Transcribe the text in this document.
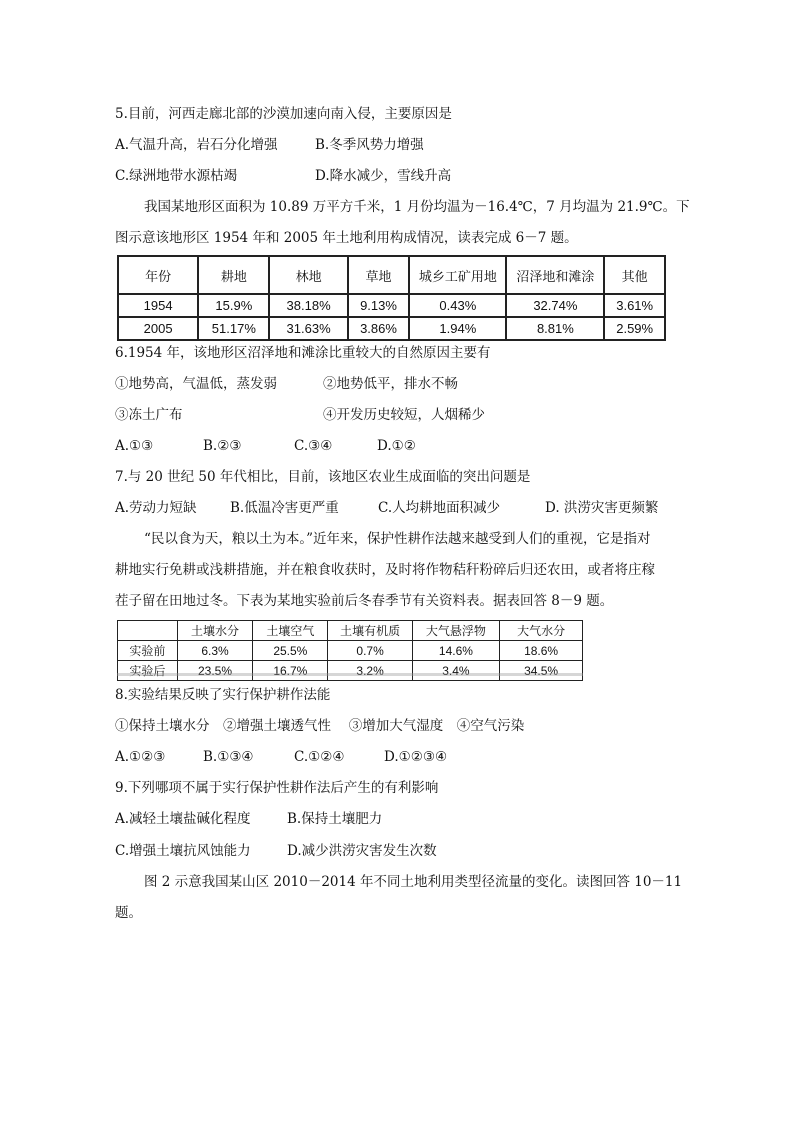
5.目前，河西走廊北部的沙漠加速向南入侵，主要原因是
A.气温升高，岩石分化增强	B.冬季风势力增强
C.绿洲地带水源枯竭	D.降水减少，雪线升高
我国某地形区面积为 10.89 万平方千米，1 月份均温为－16.4℃，7 月均温为 21.9℃。下
图示意该地形区 1954 年和 2005 年土地利用构成情况，读表完成 6－7 题。
年份	耕地	林地	草地	城乡工矿用地	沼泽地和滩涂	其他
1954	15.9%	38.18%	9.13%	0.43%	32.74%	3.61%
2005	51.17%	31.63%	3.86%	1.94%	8.81%	2.59%
6.1954 年，该地形区沼泽地和滩涂比重较大的自然原因主要有
①地势高，气温低，蒸发弱	②地势低平，排水不畅
③冻土广布	④开发历史较短，人烟稀少
A.①③	B.②③	C.③④	D.①②
7.与 20 世纪 50 年代相比，目前，该地区农业生成面临的突出问题是
A.劳动力短缺 B.低温冷害更严重	C.人均耕地面积减少	D. 洪涝灾害更频繁
“民以食为天，粮以土为本。”近年来，保护性耕作法越来越受到人们的重视，它是指对
耕地实行免耕或浅耕措施，并在粮食收获时，及时将作物秸秆粉碎后归还农田，或者将庄稼
茬子留在田地过冬。下表为某地实验前后冬春季节有关资料表。据表回答 8－9 题。
	土壤水分	土壤空气	土壤有机质	大气悬浮物	大气水分
实验前	6.3%	25.5%	0.7%	14.6%	18.6%
实验后	23.5%	16.7%	3.2%	3.4%	34.5%
8.实验结果反映了实行保护耕作法能
①保持土壤水分　②增强土壤透气性　 ③增加大气湿度　④空气污染
A.①②③	B.①③④	C.①②④	D.①②③④
9.下列哪项不属于实行保护性耕作法后产生的有利影响
A.减轻土壤盐碱化程度	B.保持土壤肥力
C.增强土壤抗风蚀能力	D.减少洪涝灾害发生次数
图 2 示意我国某山区 2010－2014 年不同土地利用类型径流量的变化。读图回答 10－11
题。
